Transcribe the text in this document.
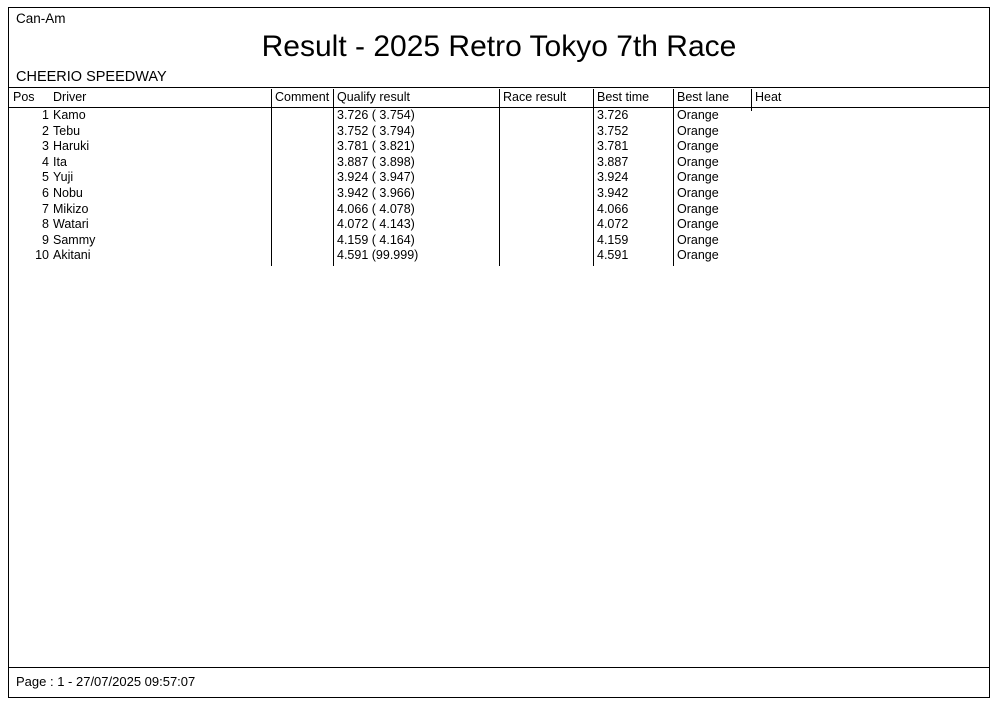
Can-Am
Result - 2025 Retro Tokyo 7th Race
CHEERIO SPEEDWAY
Pos	Driver	Comment	Qualify result	Race result	Best time	Best lane	Heat
1	Kamo		3.726 ( 3.754)		3.726	Orange	
2	Tebu		3.752 ( 3.794)		3.752	Orange	
3	Haruki		3.781 ( 3.821)		3.781	Orange	
4	Ita		3.887 ( 3.898)		3.887	Orange	
5	Yuji		3.924 ( 3.947)		3.924	Orange	
6	Nobu		3.942 ( 3.966)		3.942	Orange	
7	Mikizo		4.066 ( 4.078)		4.066	Orange	
8	Watari		4.072 ( 4.143)		4.072	Orange	
9	Sammy		4.159 ( 4.164)		4.159	Orange	
10	Akitani		4.591 (99.999)		4.591	Orange	
Page : 1 - 27/07/2025 09:57:07
